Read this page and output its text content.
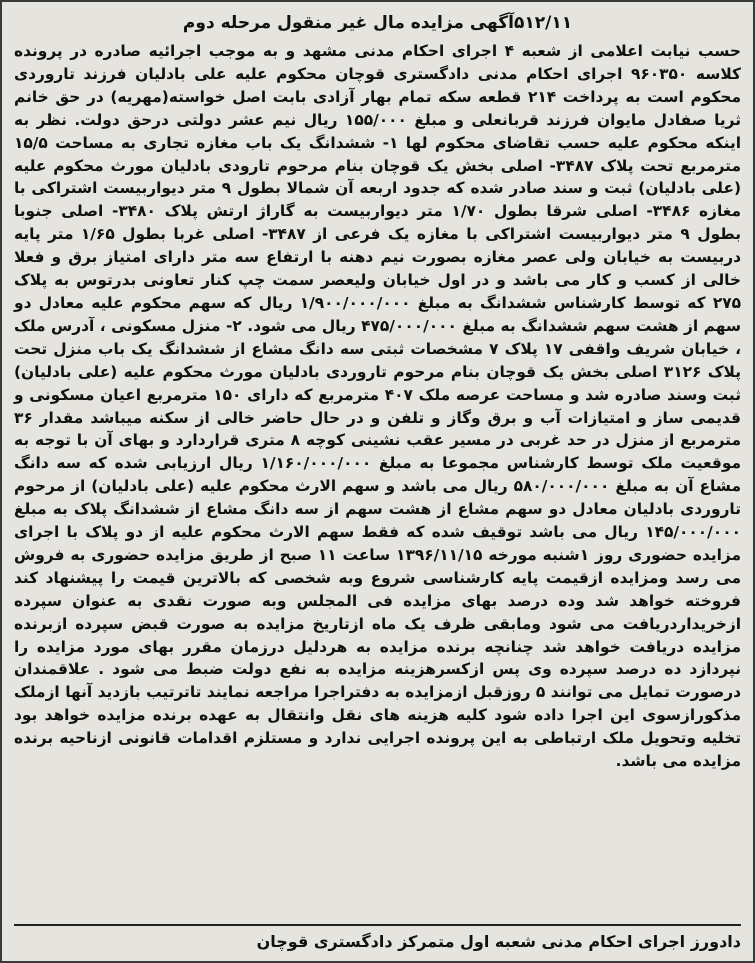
۵۱۲/۱۱آگهی مزایده مال غیر منقول مرحله دوم

حسب نیابت اعلامی از شعبه ۴ اجرای احکام مدنی مشهد و به موجب اجرائیه صادره در پرونده کلاسه ۹۶۰۳۵۰ اجرای احکام مدنی دادگستری قوچان محکوم علیه علی بادلیان فرزند تاروردی محکوم است به پرداخت ۲۱۴ قطعه سکه تمام بهار آزادی بابت اصل خواسته(مهریه) در حق خانم ثریا صفادل مایوان فرزند قربانعلی و مبلغ ۱۵۵/۰۰۰ ریال نیم عشر دولتی درحق دولت. نظر به اینکه محکوم علیه حسب تقاضای محکوم لها ۱- ششدانگ یک باب مغازه تجاری به مساحت ۱۵/۵ مترمربع تحت پلاک ۳۴۸۷- اصلی بخش یک قوچان بنام مرحوم تارودی بادلیان مورث محکوم علیه (علی بادلیان) ثبت و سند صادر شده که جدود اربعه آن شمالا بطول ۹ متر دیواربیست اشتراکی با مغازه ۳۴۸۶- اصلی شرقا بطول ۱/۷۰ متر دیواربیست به گاراژ ارتش پلاک ۳۴۸۰- اصلی جنوبا بطول ۹ متر دیواربیست اشتراکی با مغازه یک فرعی از ۳۴۸۷- اصلی غربا بطول ۱/۶۵ متر پایه دربیست به خیابان ولی عصر مغازه بصورت نیم دهنه با ارتفاع سه متر دارای امتیاز برق و فعلا خالی از کسب و کار می باشد و در اول خیابان ولیعصر سمت چپ کنار تعاونی بدرتوس به پلاک ۲۷۵ که توسط کارشناس ششدانگ به مبلغ ۱/۹۰۰/۰۰۰/۰۰۰ ریال که سهم محکوم علیه معادل دو سهم از هشت سهم ششدانگ به مبلغ ۴۷۵/۰۰۰/۰۰۰ ریال می شود. ۲- منزل مسکونی ، آدرس ملک ، خیابان شریف واقفی ۱۷ پلاک ۷ مشخصات ثبتی سه دانگ مشاع از ششدانگ یک باب منزل تحت پلاک ۳۱۲۶ اصلی بخش یک قوچان بنام مرحوم تاروردی بادلیان مورث محکوم علیه (علی بادلیان) ثبت وسند صادره شد و مساحت عرصه ملک ۴۰۷ مترمربع که دارای ۱۵۰ مترمربع اعیان مسکونی و قدیمی ساز و امتیازات آب و برق وگاز و تلفن و در حال حاضر خالی از سکنه میباشد مقدار ۳۶ مترمربع از منزل در حد غربی در مسیر عقب نشینی کوچه ۸ متری قراردارد و بهای آن با توجه به موقعیت ملک توسط کارشناس مجموعا به مبلغ ۱/۱۶۰/۰۰۰/۰۰۰ ریال ارزیابی شده که سه دانگ مشاع آن به مبلغ ۵۸۰/۰۰۰/۰۰۰ ریال می باشد و سهم الارث محکوم علیه (علی بادلیان) از مرحوم تاروردی بادلیان معادل دو سهم مشاع از هشت سهم از سه دانگ مشاع از ششدانگ پلاک به مبلغ ۱۴۵/۰۰۰/۰۰۰ ریال می باشد توقیف شده که فقط سهم الارث محکوم علیه از دو پلاک با اجرای مزایده حضوری روز ۱شنبه مورخه ۱۳۹۶/۱۱/۱۵ ساعت ۱۱ صبح از طریق مزایده حضوری به فروش می رسد ومزایده ازقیمت پایه کارشناسی شروع وبه شخصی که بالاترین قیمت را پیشنهاد کند فروخته خواهد شد وده درصد بهای مزایده فی المجلس وبه صورت نقدی به عنوان سپرده ازخریداردریافت می شود ومابقی ظرف یک ماه ازتاریخ مزایده به صورت قبض سپرده ازبرنده مزایده دریافت خواهد شد چنانچه برنده مزایده به هردلیل درزمان مقرر بهای مورد مزایده را نپردازد ده درصد سپرده وی پس ازکسرهزینه مزایده به نفع دولت ضبط می شود . علاقمندان درصورت تمایل می توانند ۵ روزقبل ازمزایده به دفتراجرا مراجعه نمایند تاترتیب بازدید آنها ازملک مذکورازسوی این اجرا داده شود کلیه هزینه های نقل وانتقال به عهده برنده مزایده خواهد بود تخلیه وتحویل ملک ارتباطی به این پرونده اجرایی ندارد و مستلزم اقدامات قانونی ازناحیه برنده مزایده می باشد.

دادورز اجرای احکام مدنی شعبه اول متمرکز دادگستری قوچان
